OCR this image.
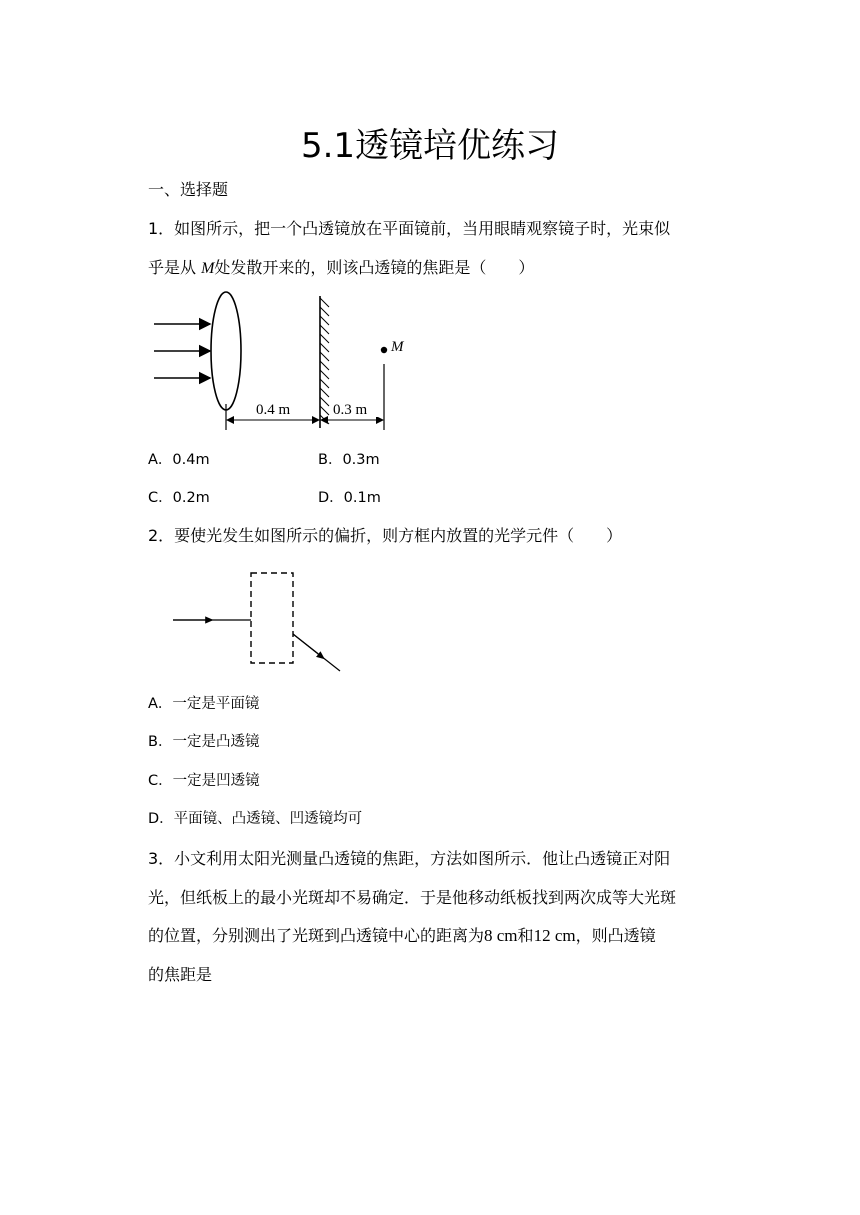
5.1透镜培优练习
一、选择题
1．如图所示，把一个凸透镜放在平面镜前，当用眼睛观察镜子时，光束似
乎是从 M处发散开来的，则该凸透镜的焦距是（　　）
M
0.4 m	0.3 m
A．0.4m	B．0.3m
C．0.2m	D．0.1m
2．要使光发生如图所示的偏折，则方框内放置的光学元件（　　）
A．一定是平面镜
B．一定是凸透镜
C．一定是凹透镜
D．平面镜、凸透镜、凹透镜均可
3．小文利用太阳光测量凸透镜的焦距，方法如图所示．他让凸透镜正对阳
光，但纸板上的最小光斑却不易确定．于是他移动纸板找到两次成等大光斑
的位置，分别测出了光斑到凸透镜中心的距离为8 cm和12 cm，则凸透镜
的焦距是
